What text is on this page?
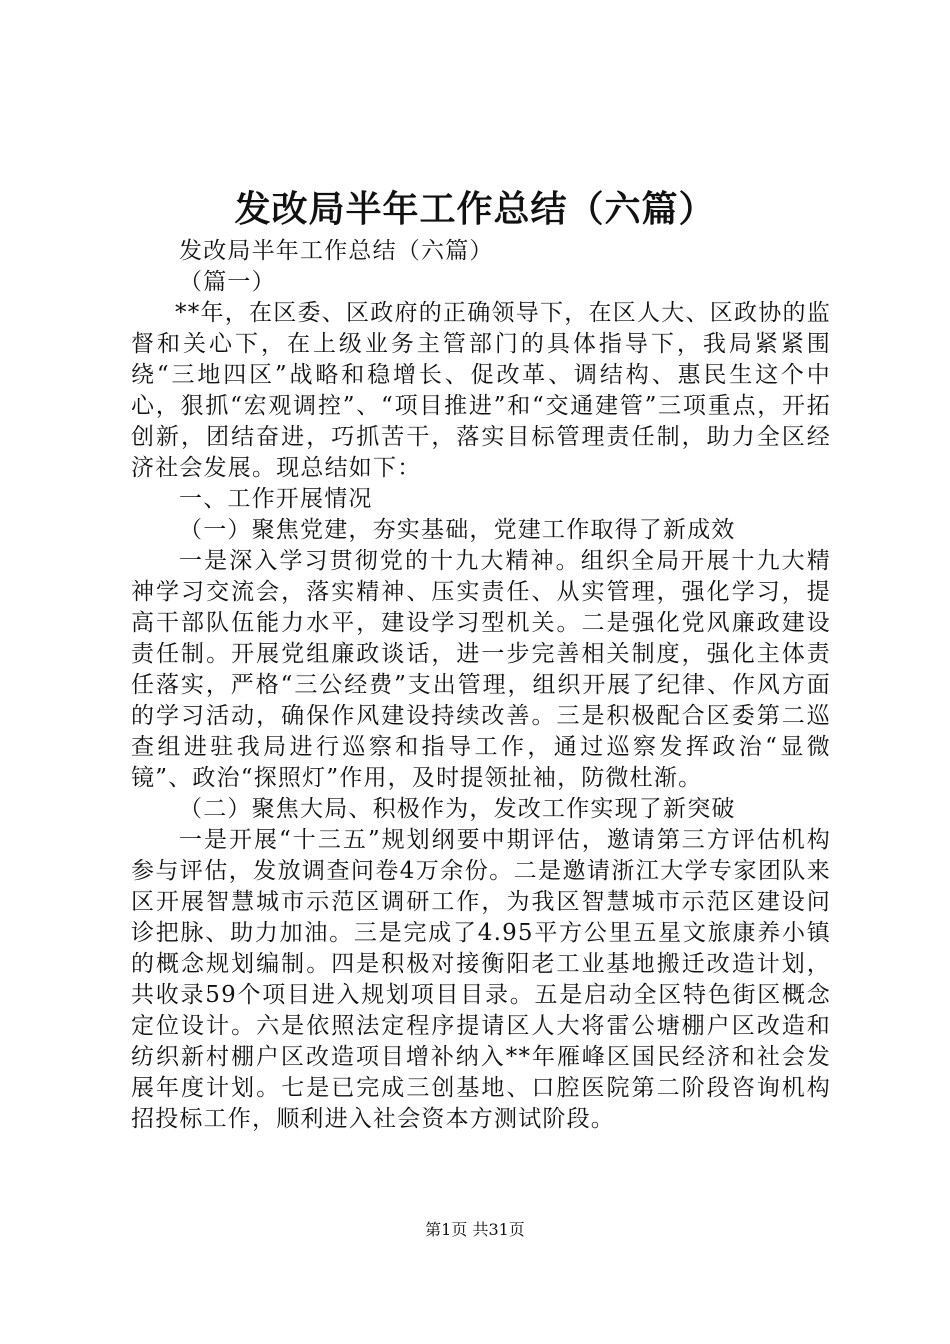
发改局半年工作总结（六篇）

发改局半年工作总结（六篇）

（篇一）

**年，在区委、区政府的正确领导下，在区人大、区政协的监督和关心下，在上级业务主管部门的具体指导下，我局紧紧围绕“三地四区”战略和稳增长、促改革、调结构、惠民生这个中心，狠抓“宏观调控”、“项目推进”和“交通建管”三项重点，开拓创新，团结奋进，巧抓苦干，落实目标管理责任制，助力全区经济社会发展。现总结如下：

一、工作开展情况

（一）聚焦党建，夯实基础，党建工作取得了新成效

一是深入学习贯彻党的十九大精神。组织全局开展十九大精神学习交流会，落实精神、压实责任、从实管理，强化学习，提高干部队伍能力水平，建设学习型机关。二是强化党风廉政建设责任制。开展党组廉政谈话，进一步完善相关制度，强化主体责任落实，严格“三公经费”支出管理，组织开展了纪律、作风方面的学习活动，确保作风建设持续改善。三是积极配合区委第二巡查组进驻我局进行巡察和指导工作，通过巡察发挥政治“显微镜”、政治“探照灯”作用，及时提领扯袖，防微杜渐。

（二）聚焦大局、积极作为，发改工作实现了新突破

一是开展“十三五”规划纲要中期评估，邀请第三方评估机构参与评估，发放调查问卷4万余份。二是邀请浙江大学专家团队来区开展智慧城市示范区调研工作，为我区智慧城市示范区建设问诊把脉、助力加油。三是完成了4.95平方公里五星文旅康养小镇的概念规划编制。四是积极对接衡阳老工业基地搬迁改造计划，共收录59个项目进入规划项目目录。五是启动全区特色街区概念定位设计。六是依照法定程序提请区人大将雷公塘棚户区改造和纺织新村棚户区改造项目增补纳入**年雁峰区国民经济和社会发展年度计划。七是已完成三创基地、口腔医院第二阶段咨询机构招投标工作，顺利进入社会资本方测试阶段。

第1页 共31页
